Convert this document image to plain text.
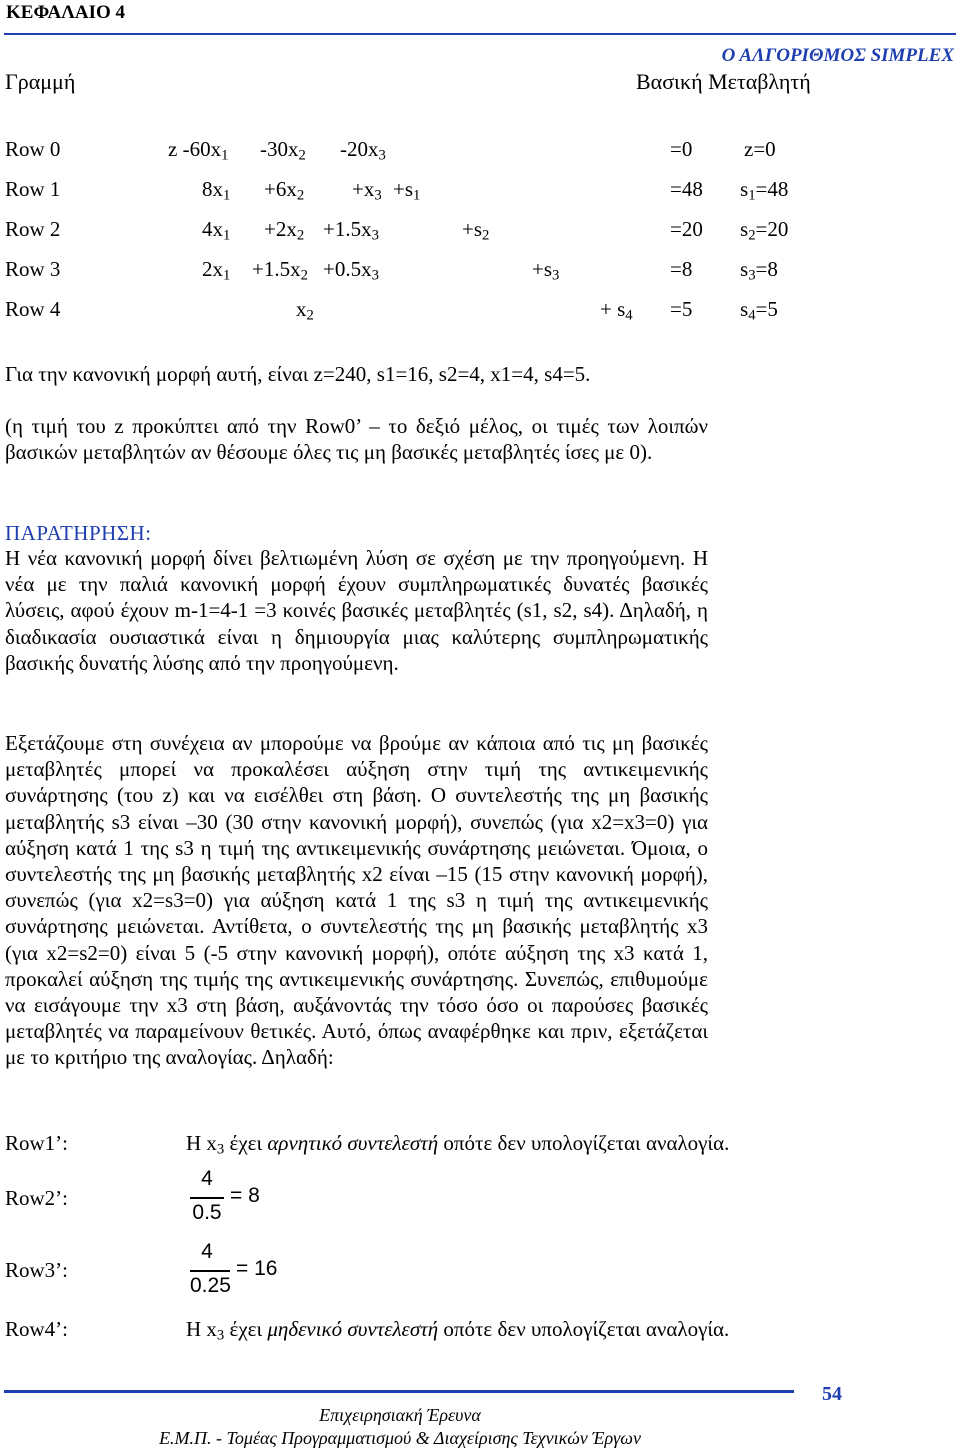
ΚΕΦΑΛΑΙΟ 4
Ο ΑΛΓΟΡΙΘΜΟΣ SIMPLEX
Γραμμή	Βασική Μεταβλητή
Row 0	z $-60x_1$ $-30x_2$ $-20x_3$	=0 z=0
Row 1	$8x_1 +6x_2 +x_3 +s_1$	=48 $s_1=48$
Row 2	$4x_1 +2x_2 +1.5x_3$	$+s_2$	=20 $s_2=20$
Row 3	$2x_1 +1.5x_2 +0.5x_3$	$+s_3$	=8 $s_3=8$
Row 4	$x_2$	+ $s_4 =5$ $s_4=5$
Για την κανονική μορφή αυτή, είναι z=240, s1=16, s2=4, x1=4, s4=5.
(η τιμή του z προκύπτει από την Row0’ – το δεξιό μέλος, οι τιμές των λοιπών βασικών μεταβλητών αν θέσουμε όλες τις μη βασικές μεταβλητές ίσες με 0).
ΠΑΡΑΤΗΡΗΣΗ:
Η νέα κανονική μορφή δίνει βελτιωμένη λύση σε σχέση με την προηγούμενη. Η νέα με την παλιά κανονική μορφή έχουν συμπληρωματικές δυνατές βασικές λύσεις, αφού έχουν m-1=4-1 =3 κοινές βασικές μεταβλητές (s1, s2, s4). Δηλαδή, η διαδικασία ουσιαστικά είναι η δημιουργία μιας καλύτερης συμπληρωματικής βασικής δυνατής λύσης από την προηγούμενη.
Εξετάζουμε στη συνέχεια αν μπορούμε να βρούμε αν κάποια από τις μη βασικές μεταβλητές μπορεί να προκαλέσει αύξηση στην τιμή της αντικειμενικής συνάρτησης (του z) και να εισέλθει στη βάση. Ο συντελεστής της μη βασικής μεταβλητής s3 είναι –30 (30 στην κανονική μορφή), συνεπώς (για x2=x3=0) για αύξηση κατά 1 της s3 η τιμή της αντικειμενικής συνάρτησης μειώνεται. Όμοια, ο συντελεστής της μη βασικής μεταβλητής x2 είναι –15 (15 στην κανονική μορφή), συνεπώς (για x2=s3=0) για αύξηση κατά 1 της s3 η τιμή της αντικειμενικής συνάρτησης μειώνεται. Αντίθετα, ο συντελεστής της μη βασικής μεταβλητής x3 (για x2=s2=0) είναι 5 (-5 στην κανονική μορφή), οπότε αύξηση της x3 κατά 1, προκαλεί αύξηση της τιμής της αντικειμενικής συνάρτησης. Συνεπώς, επιθυμούμε να εισάγουμε την x3 στη βάση, αυξάνοντάς την τόσο όσο οι παρούσες βασικές μεταβλητές να παραμείνουν θετικές. Αυτό, όπως αναφέρθηκε και πριν, εξετάζεται με το κριτήριο της αναλογίας. Δηλαδή:
Row1’:	Η $x_3$ έχει αρνητικό συντελεστή οπότε δεν υπολογίζεται αναλογία.
Row2’:
4
0.5
= 8
Row3’:
4
0.25
= 16
Row4’:	Η $x_3$ έχει μηδενικό συντελεστή οπότε δεν υπολογίζεται αναλογία.
54
Επιχειρησιακή Έρευνα
Ε.Μ.Π. - Τομέας Προγραμματισμού & Διαχείρισης Τεχνικών Έργων
